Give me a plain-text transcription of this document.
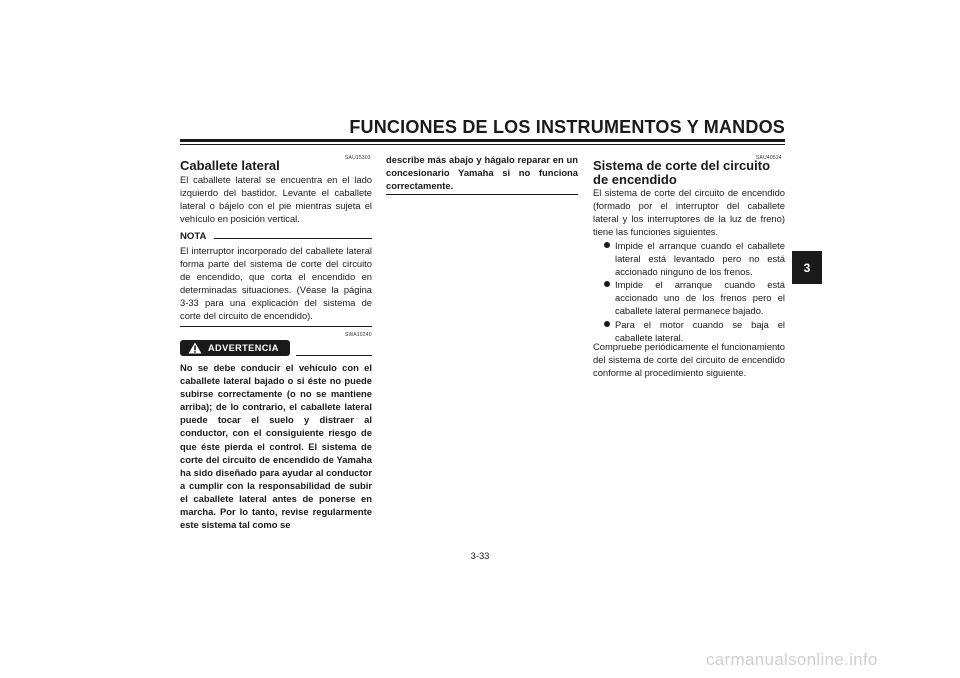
FUNCIONES DE LOS INSTRUMENTOS Y MANDOS
3
SAU15303
Caballete lateral

El caballete lateral se encuentra en el lado izquierdo del bastidor. Levante el caballete lateral o bájelo con el pie mientras sujeta el vehículo en posición vertical.

NOTA

El interruptor incorporado del caballete lateral forma parte del sistema de corte del circuito de encendido, que corta el encendido en determinadas situaciones. (Véase la página 3-33 para una explicación del sistema de corte del circuito de encendido).

SWA10240
ADVERTENCIA
No se debe conducir el vehículo con el caballete lateral bajado o si éste no puede subirse correctamente (o no se mantiene arriba); de lo contrario, el caballete lateral puede tocar el suelo y distraer al conductor, con el consiguiente riesgo de que éste pierda el control. El sistema de corte del circuito de encendido de Yamaha ha sido diseñado para ayudar al conductor a cumplir con la responsabilidad de subir el caballete lateral antes de ponerse en marcha. Por lo tanto, revise regularmente este sistema tal como se
describe más abajo y hágalo reparar en un concesionario Yamaha si no funciona correctamente.
SAU40524
Sistema de corte del circuito de encendido

El sistema de corte del circuito de encendido (formado por el interruptor del caballete lateral y los interruptores de la luz de freno) tiene las funciones siguientes.

Impide el arranque cuando el caballete lateral está levantado pero no está accionado ninguno de los frenos.
Impide el arranque cuando está accionado uno de los frenos pero el caballete lateral permanece bajado.
Para el motor cuando se baja el caballete lateral.

Compruebe periódicamente el funcionamiento del sistema de corte del circuito de encendido conforme al procedimiento siguiente.

3-33
carmanualsonline.info
